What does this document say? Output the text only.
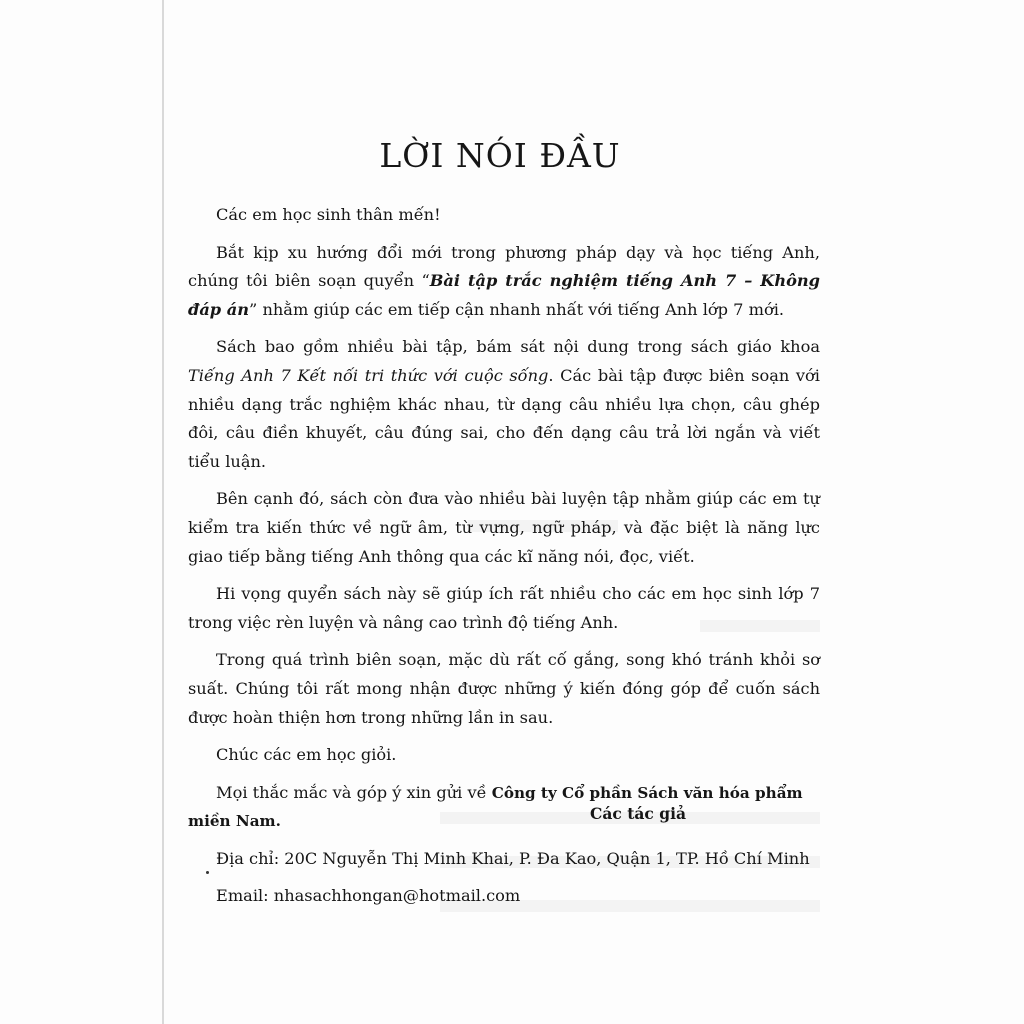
LỜI NÓI ĐẦU

Các em học sinh thân mến!

Bắt kịp xu hướng đổi mới trong phương pháp dạy và học tiếng Anh, chúng tôi biên soạn quyển “Bài tập trắc nghiệm tiếng Anh 7 – Không đáp án” nhằm giúp các em tiếp cận nhanh nhất với tiếng Anh lớp 7 mới.

Sách bao gồm nhiều bài tập, bám sát nội dung trong sách giáo khoa Tiếng Anh 7 Kết nối tri thức với cuộc sống. Các bài tập được biên soạn với nhiều dạng trắc nghiệm khác nhau, từ dạng câu nhiều lựa chọn, câu ghép đôi, câu điền khuyết, câu đúng sai, cho đến dạng câu trả lời ngắn và viết tiểu luận.

Bên cạnh đó, sách còn đưa vào nhiều bài luyện tập nhằm giúp các em tự kiểm tra kiến thức về ngữ âm, từ vựng, ngữ pháp, và đặc biệt là năng lực giao tiếp bằng tiếng Anh thông qua các kĩ năng nói, đọc, viết.

Hi vọng quyển sách này sẽ giúp ích rất nhiều cho các em học sinh lớp 7 trong việc rèn luyện và nâng cao trình độ tiếng Anh.

Trong quá trình biên soạn, mặc dù rất cố gắng, song khó tránh khỏi sơ suất. Chúng tôi rất mong nhận được những ý kiến đóng góp để cuốn sách được hoàn thiện hơn trong những lần in sau.

Chúc các em học giỏi.

Mọi thắc mắc và góp ý xin gửi về Công ty Cổ phần Sách văn hóa phẩm miền Nam.

Địa chỉ: 20C Nguyễn Thị Minh Khai, P. Đa Kao, Quận 1, TP. Hồ Chí Minh

Email: nhasachhongan@hotmail.com

Các tác giả
